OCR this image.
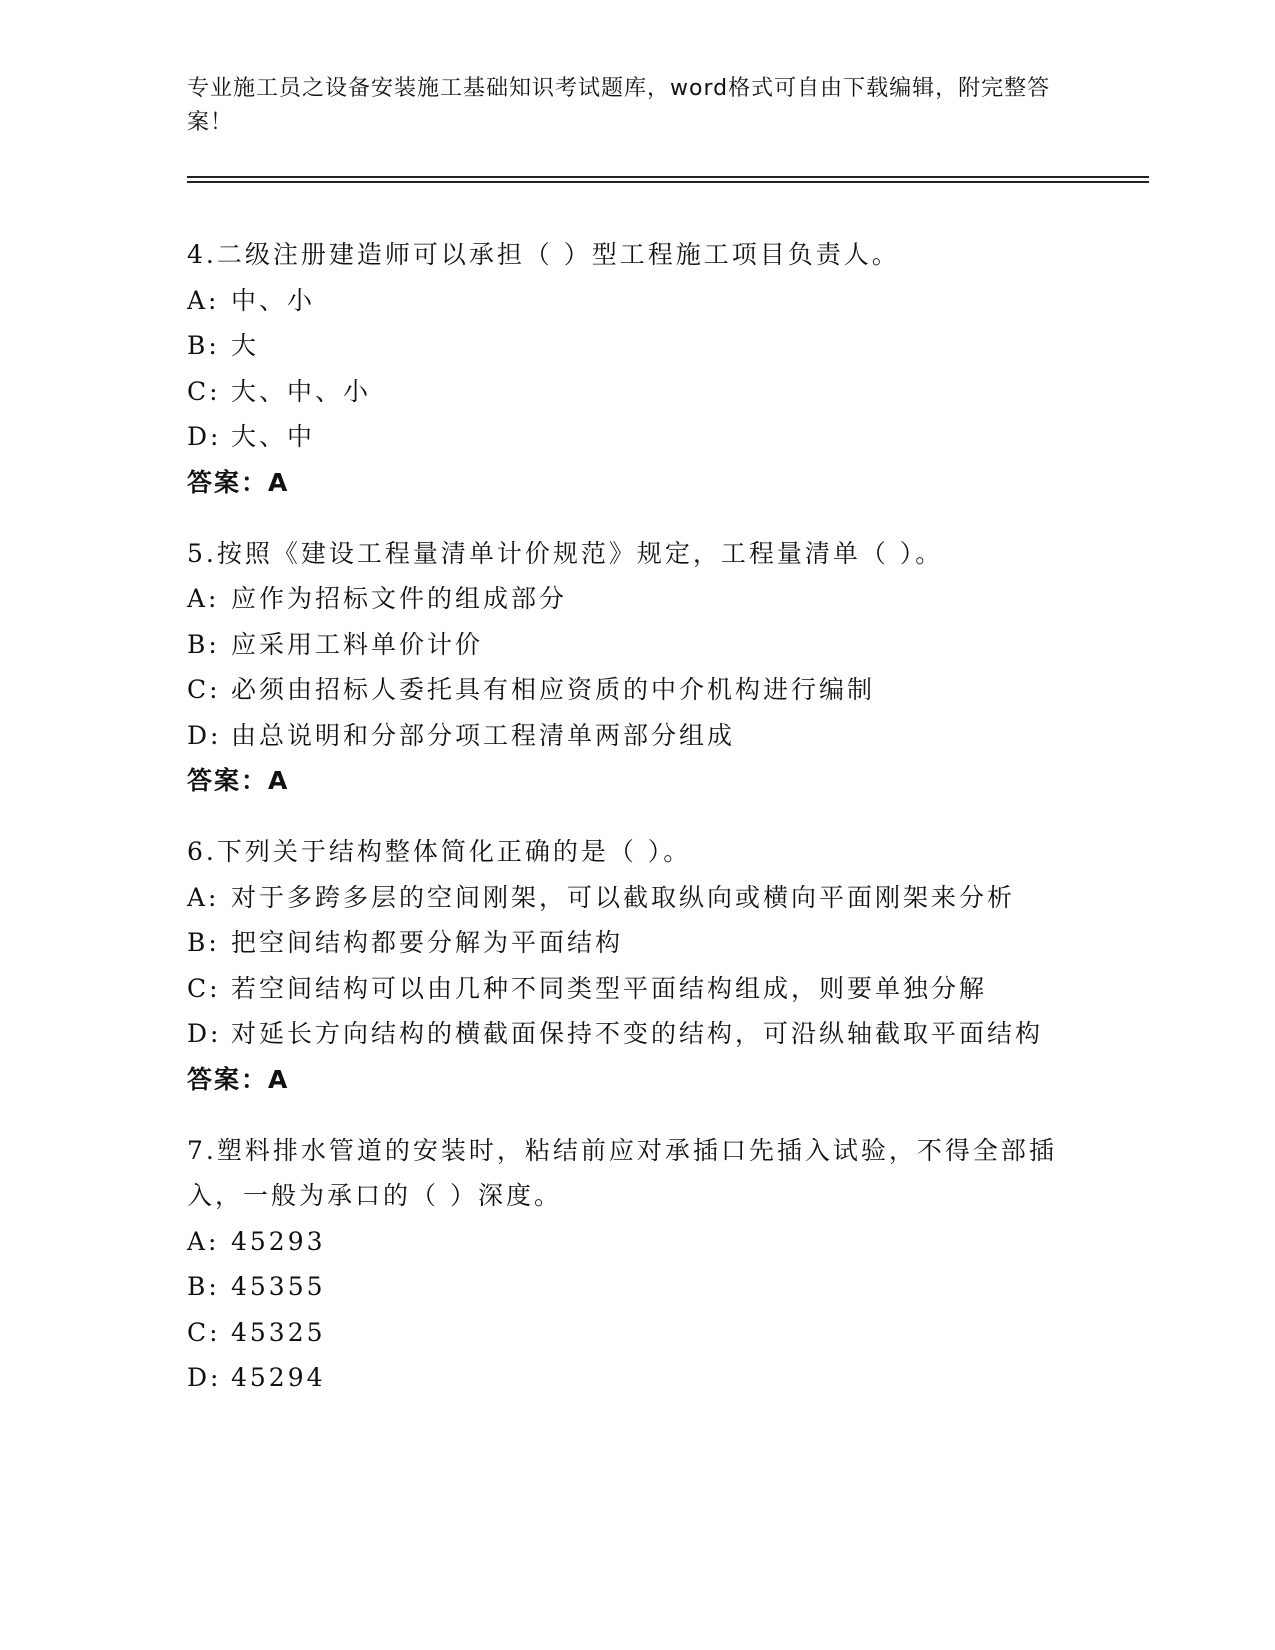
专业施工员之设备安装施工基础知识考试题库，word格式可自由下载编辑，附完整答案！

4.二级注册建造师可以承担（ ）型工程施工项目负责人。

A: 中、小

B: 大

C: 大、中、小

D: 大、中

答案：A

5.按照《建设工程量清单计价规范》规定，工程量清单（ ）。

A: 应作为招标文件的组成部分

B: 应采用工料单价计价

C: 必须由招标人委托具有相应资质的中介机构进行编制

D: 由总说明和分部分项工程清单两部分组成

答案：A

6.下列关于结构整体简化正确的是（ ）。

A: 对于多跨多层的空间刚架，可以截取纵向或横向平面刚架来分析

B: 把空间结构都要分解为平面结构

C: 若空间结构可以由几种不同类型平面结构组成，则要单独分解

D: 对延长方向结构的横截面保持不变的结构，可沿纵轴截取平面结构

答案：A

7.塑料排水管道的安装时，粘结前应对承插口先插入试验，不得全部插入，一般为承口的（ ）深度。

A: 45293

B: 45355

C: 45325

D: 45294
